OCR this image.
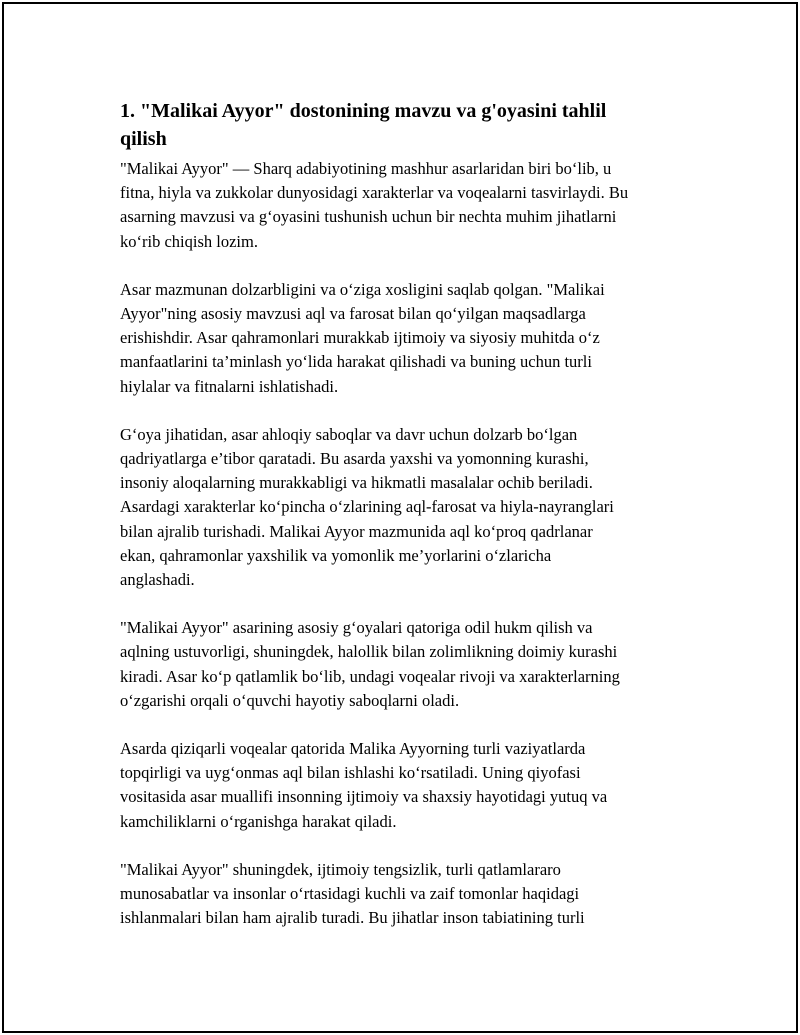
1. "Malikai Ayyor" dostonining mavzu va g'oyasini tahlil
qilish

"Malikai Ayyor" — Sharq adabiyotining mashhur asarlaridan biri bo‘lib, u
fitna, hiyla va zukkolar dunyosidagi xarakterlar va voqealarni tasvirlaydi. Bu
asarning mavzusi va g‘oyasini tushunish uchun bir nechta muhim jihatlarni
ko‘rib chiqish lozim.

Asar mazmunan dolzarbligini va o‘ziga xosligini saqlab qolgan. "Malikai
Ayyor"ning asosiy mavzusi aql va farosat bilan qo‘yilgan maqsadlarga
erishishdir. Asar qahramonlari murakkab ijtimoiy va siyosiy muhitda o‘z
manfaatlarini ta’minlash yo‘lida harakat qilishadi va buning uchun turli
hiylalar va fitnalarni ishlatishadi.

G‘oya jihatidan, asar ahloqiy saboqlar va davr uchun dolzarb bo‘lgan
qadriyatlarga e’tibor qaratadi. Bu asarda yaxshi va yomonning kurashi,
insoniy aloqalarning murakkabligi va hikmatli masalalar ochib beriladi.
Asardagi xarakterlar ko‘pincha o‘zlarining aql-farosat va hiyla-nayranglari
bilan ajralib turishadi. Malikai Ayyor mazmunida aql ko‘proq qadrlanar
ekan, qahramonlar yaxshilik va yomonlik me’yorlarini o‘zlaricha
anglashadi.

"Malikai Ayyor" asarining asosiy g‘oyalari qatoriga odil hukm qilish va
aqlning ustuvorligi, shuningdek, halollik bilan zolimlikning doimiy kurashi
kiradi. Asar ko‘p qatlamlik bo‘lib, undagi voqealar rivoji va xarakterlarning
o‘zgarishi orqali o‘quvchi hayotiy saboqlarni oladi.

Asarda qiziqarli voqealar qatorida Malika Ayyorning turli vaziyatlarda
topqirligi va uyg‘onmas aql bilan ishlashi ko‘rsatiladi. Uning qiyofasi
vositasida asar muallifi insonning ijtimoiy va shaxsiy hayotidagi yutuq va
kamchiliklarni o‘rganishga harakat qiladi.

"Malikai Ayyor" shuningdek, ijtimoiy tengsizlik, turli qatlamlararo
munosabatlar va insonlar o‘rtasidagi kuchli va zaif tomonlar haqidagi
ishlanmalari bilan ham ajralib turadi. Bu jihatlar inson tabiatining turli
